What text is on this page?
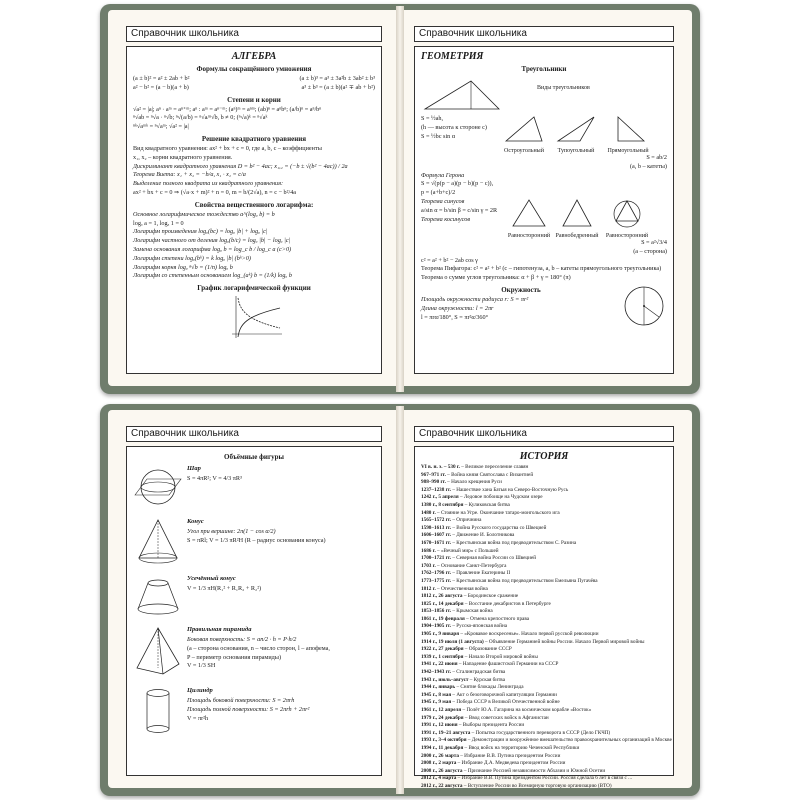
Справочник школьника
АЛГЕБРА
Формулы сокращённого умножения
(a ± b)² = a² ± 2ab + b²	(a ± b)³ = a³ ± 3a²b ± 3ab² ± b³
a² − b² = (a − b)(a + b)	a³ ± b³ = (a ± b)(a² ∓ ab + b²)
Степени и корни
√a² = |a|; aⁿ · aᵐ = aⁿ⁺ᵐ; aⁿ : aᵐ = aⁿ⁻ᵐ; (aⁿ)ᵐ = aⁿᵐ; (ab)ⁿ = aⁿbⁿ; (a/b)ⁿ = aⁿ/bⁿ
ⁿ√ab = ⁿ√a · ⁿ√b; ⁿ√(a/b) = ⁿ√a/ⁿ√b, b ≠ 0; (ⁿ√a)ᵏ = ⁿ√aᵏ
ⁿᵏ√aᵐᵏ = ⁿ√aᵐ; √a² = |a|
Решение квадратного уравнения
Вид квадратного уравнения: ax² + bx + c = 0, где a, b, c – коэффициенты
x₁, x₂ – корни квадратного уравнения.
Дискриминант квадратного уравнения D = b² − 4ac; x₁,₂ = (−b ± √(b² − 4ac)) / 2a
Теорема Виета: x₁ + x₂ = −b/a, x₁ · x₂ = c/a
Выделение полного квадрата из квадратного уравнения:
ax² + bx + c = 0 ⇒ (√a·x + m)² + n = 0, m = b/(2√a), n = c − b²/4a
Свойства вещественного логарифма:
Основное логарифмическое тождество a^(logₐ b) = b
logₐ a = 1, logₐ 1 = 0
Логарифм произведения logₐ(bc) = logₐ |b| + logₐ |c|
Логарифм частного от деления logₐ(b/c) = logₐ |b| − logₐ |c|
Замена основания логарифма logₐ b = log_c b / log_c a (c>0)
Логарифм степени logₐ(bᵏ) = k logₐ |b| (bᵏ>0)
Логарифм корня logₐ ⁿ√b = (1/n) logₐ b
Логарифм со степенным основанием log_(aᵏ) b = (1/k) logₐ b
График логарифмической функции
Справочник школьника
ГЕОМЕТРИЯ
Треугольники
Виды треугольников
S = ½ah,
(h — высота к стороне с)
S = ½bc sin α
Остроугольный	Тупоугольный	Прямоугольный
S = ab/2
(a, b – катеты)
Формула Герона
S = √(p(p − a)(p − b)(p − c)),
p = (a+b+c)/2
Теорема синусов
a/sin α = b/sin β = c/sin γ = 2R
Теорема косинусов
Равносторонний Равнобедренный	Равносторонний
S = a²√3/4
(a – сторона)
c² = a² + b² − 2ab cos γ
Теорема Пифагора: c² = a² + b² (с – гипотенуза, a, b – катеты прямоугольного треугольника)
Теорема о сумме углов треугольника: α + β + γ = 180° (π)
Окружность
Площадь окружности радиуса r: S = πr²
Длина окружности: l = 2πr
l = πrα/180°, S = πr²α/360°
Справочник школьника
Объёмные фигуры
Шар
S = 4πR²; V = 4/3 πR³
Конус
Угол при вершине: 2π(1 − cos α/2)
S = πRl; V = 1/3 πR²H (R – радиус основания конуса)
Усечённый конус
V = 1/3 πH(R₁² + R₁R₂ + R₂²)
Правильная пирамида
Боковая поверхность: S = an/2 · h = P·h/2
(a – сторона основания, n – число сторон, l – апофема,
P – периметр основания пирамиды)
V = 1/3 SH
Цилиндр
Площадь боковой поверхности: S = 2πrh
Площадь полной поверхности: S = 2πrh + 2πr²
V = πr²h
Справочник школьника
ИСТОРИЯ
VI в. н. э. – 530 г. – Великое переселение славян
967–971 гг. – Война князя Святослава с Византией
988–990 гг. – Начало крещения Руси
1237–1238 гг. – Нашествие хана Батыя на Северо-Восточную Русь
1242 г., 5 апреля – Ледовое побоище на Чудском озере
1380 г., 8 сентября – Куликовская битва
1480 г. – Стояние на Угре. Окончание татаро-монгольского ига
1565–1572 гг. – Опричнина
1598–1613 гг. – Война Русского государства со Швецией
1606–1607 гг. – Движение И. Болотникова
1670–1671 гг. – Крестьянская война под предводительством С. Разина
1686 г. – «Вечный мир» с Польшей
1700–1721 гг. – Северная война России со Швецией
1703 г. – Основание Санкт-Петербурга
1762–1796 гг. – Правление Екатерины II
1773–1775 гг. – Крестьянская война под предводительством Емельяна Пугачёва
1812 г. – Отечественная война
1812 г., 26 августа – Бородинское сражение
1825 г., 14 декабря – Восстание декабристов в Петербурге
1853–1856 гг. – Крымская война
1861 г., 19 февраля – Отмена крепостного права
1904–1905 гг. – Русско-японская война
1905 г., 9 января – «Кровавое воскресенье». Начало первой русской революции
1914 г., 19 июля (1 августа) – Объявление Германией войны России. Начало Первой мировой войны
1922 г., 27 декабря – Образование СССР
1939 г., 1 сентября – Начало Второй мировой войны
1941 г., 22 июня – Нападение фашистской Германии на СССР
1942–1943 гг. – Сталинградская битва
1943 г., июль–август – Курская битва
1944 г., январь – Снятие блокады Ленинграда
1945 г., 8 мая – Акт о безоговорочной капитуляции Германии
1945 г., 9 мая – Победа СССР в Великой Отечественной войне
1961 г., 12 апреля – Полёт Ю.А. Гагарина на космическом корабле «Восток»
1979 г., 24 декабря – Ввод советских войск в Афганистан
1991 г., 12 июня – Выборы президента России
1991 г., 19–21 августа – Попытка государственного переворота в СССР (Дело ГКЧП)
1993 г., 3–4 октября – Демонстрации и вооружённое вмешательство правоохранительных организаций в Москве
1994 г., 11 декабря – Ввод войск на территорию Чеченской Республики
2000 г., 26 марта – Избрание В.В. Путина президентом России
2008 г., 2 марта – Избрание Д.А. Медведева президентом России
2008 г., 26 августа – Признание Россией независимости Абхазии и Южной Осетии
2012 г., 4 марта – Избрание В.В. Путина президентом России. Россия сделала 6 лет в связи с ...
2012 г., 22 августа – Вступление России во Всемирную торговую организацию (ВТО)
